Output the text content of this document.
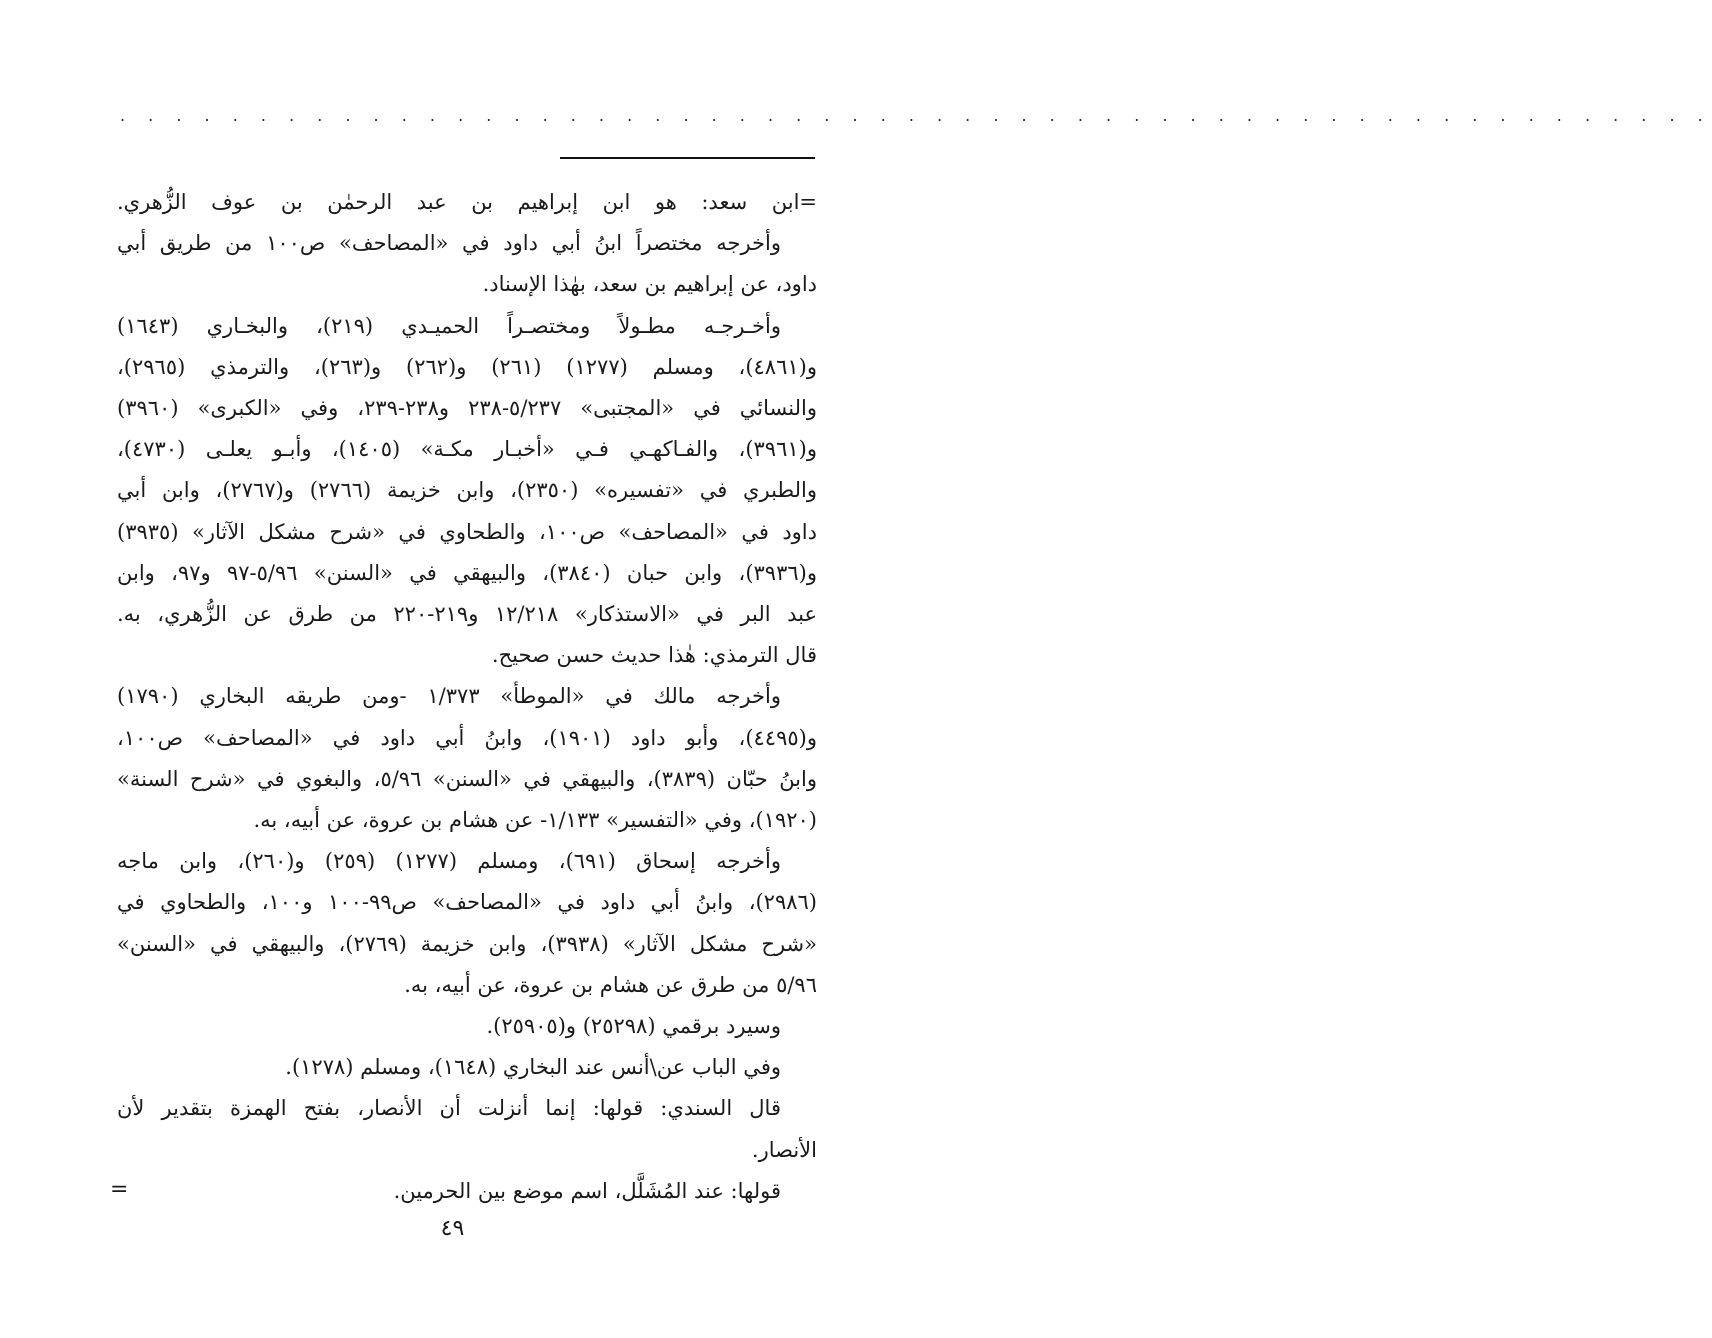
. . . . . . . . . . . . . . . . . . . . . . . . . . . . . . . . . . . . . . . . . . . . . . . . . . . . . . . . .
=ابن سعد: هو ابن إبراهيم بن عبد الرحمٰن بن عوف الزُّهري.
وأخرجه مختصراً ابنُ أبي داود في «المصاحف» ص١٠٠ من طريق أبي
داود، عن إبراهيم بن سعد، بهٰذا الإسناد.
وأخـرجـه مطـولاً ومختصـراً الحميـدي (٢١٩)، والبخـاري (١٦٤٣)
و(٤٨٦١)، ومسلم (١٢٧٧) (٢٦١) و(٢٦٢) و(٢٦٣)، والترمذي (٢٩٦٥)،
والنسائي في «المجتبى» ٥/٢٣٧-٢٣٨ و٢٣٨-٢٣٩، وفي «الكبرى» (٣٩٦٠)
و(٣٩٦١)، والفـاكهـي فـي «أخبـار مكـة» (١٤٠٥)، وأبـو يعلـى (٤٧٣٠)،
والطبري في «تفسيره» (٢٣٥٠)، وابن خزيمة (٢٧٦٦) و(٢٧٦٧)، وابن أبي
داود في «المصاحف» ص١٠٠، والطحاوي في «شرح مشكل الآثار» (٣٩٣٥)
و(٣٩٣٦)، وابن حبان (٣٨٤٠)، والبيهقي في «السنن» ٥/٩٦-٩٧ و٩٧، وابن
عبد البر في «الاستذكار» ١٢/٢١٨ و٢١٩-٢٢٠ من طرق عن الزُّهري، به.
قال الترمذي: هٰذا حديث حسن صحيح.
وأخرجه مالك في «الموطأ» ١/٣٧٣ -ومن طريقه البخاري (١٧٩٠)
و(٤٤٩٥)، وأبو داود (١٩٠١)، وابنُ أبي داود في «المصاحف» ص١٠٠،
وابنُ حبّان (٣٨٣٩)، والبيهقي في «السنن» ٥/٩٦، والبغوي في «شرح السنة»
(١٩٢٠)، وفي «التفسير» ١/١٣٣- عن هشام بن عروة، عن أبيه، به.
وأخرجه إسحاق (٦٩١)، ومسلم (١٢٧٧) (٢٥٩) و(٢٦٠)، وابن ماجه
(٢٩٨٦)، وابنُ أبي داود في «المصاحف» ص٩٩-١٠٠ و١٠٠، والطحاوي في
«شرح مشكل الآثار» (٣٩٣٨)، وابن خزيمة (٢٧٦٩)، والبيهقي في «السنن»
٥/٩٦ من طرق عن هشام بن عروة، عن أبيه، به.
وسيرد برقمي (٢٥٢٩٨) و(٢٥٩٠٥).
وفي الباب عن\أنس عند البخاري (١٦٤٨)، ومسلم (١٢٧٨).
قال السندي: قولها: إنما أنزلت أن الأنصار، بفتح الهمزة بتقدير لأن
الأنصار.
قولها: عند المُشَلَّل، اسم موضع بين الحرمين.
=
٤٩
